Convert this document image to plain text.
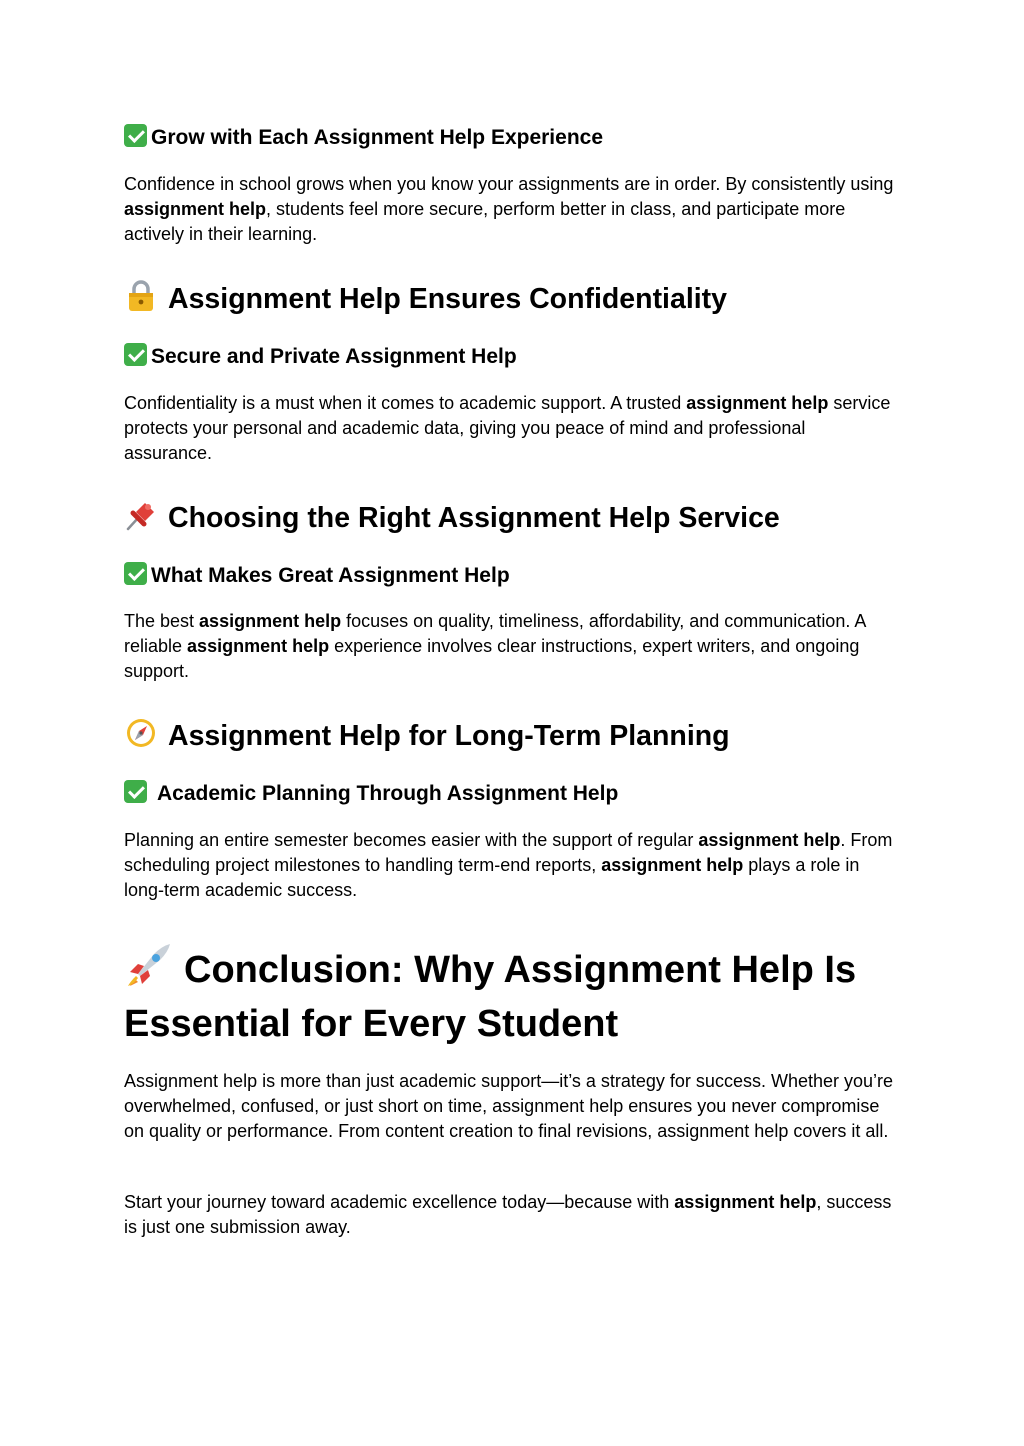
Grow with Each Assignment Help Experience

Confidence in school grows when you know your assignments are in order. By consistently using assignment help, students feel more secure, perform better in class, and participate more actively in their learning.

Assignment Help Ensures Confidentiality
Secure and Private Assignment Help

Confidentiality is a must when it comes to academic support. A trusted assignment help service protects your personal and academic data, giving you peace of mind and professional assurance.

Choosing the Right Assignment Help Service
What Makes Great Assignment Help

The best assignment help focuses on quality, timeliness, affordability, and communication. A reliable assignment help experience involves clear instructions, expert writers, and ongoing support.

Assignment Help for Long-Term Planning
Academic Planning Through Assignment Help

Planning an entire semester becomes easier with the support of regular assignment help. From scheduling project milestones to handling term-end reports, assignment help plays a role in long-term academic success.

Conclusion: Why Assignment Help Is Essential for Every Student

Assignment help is more than just academic support—it’s a strategy for success. Whether you’re overwhelmed, confused, or just short on time, assignment help ensures you never compromise on quality or performance. From content creation to final revisions, assignment help covers it all.

Start your journey toward academic excellence today—because with assignment help, success is just one submission away.
